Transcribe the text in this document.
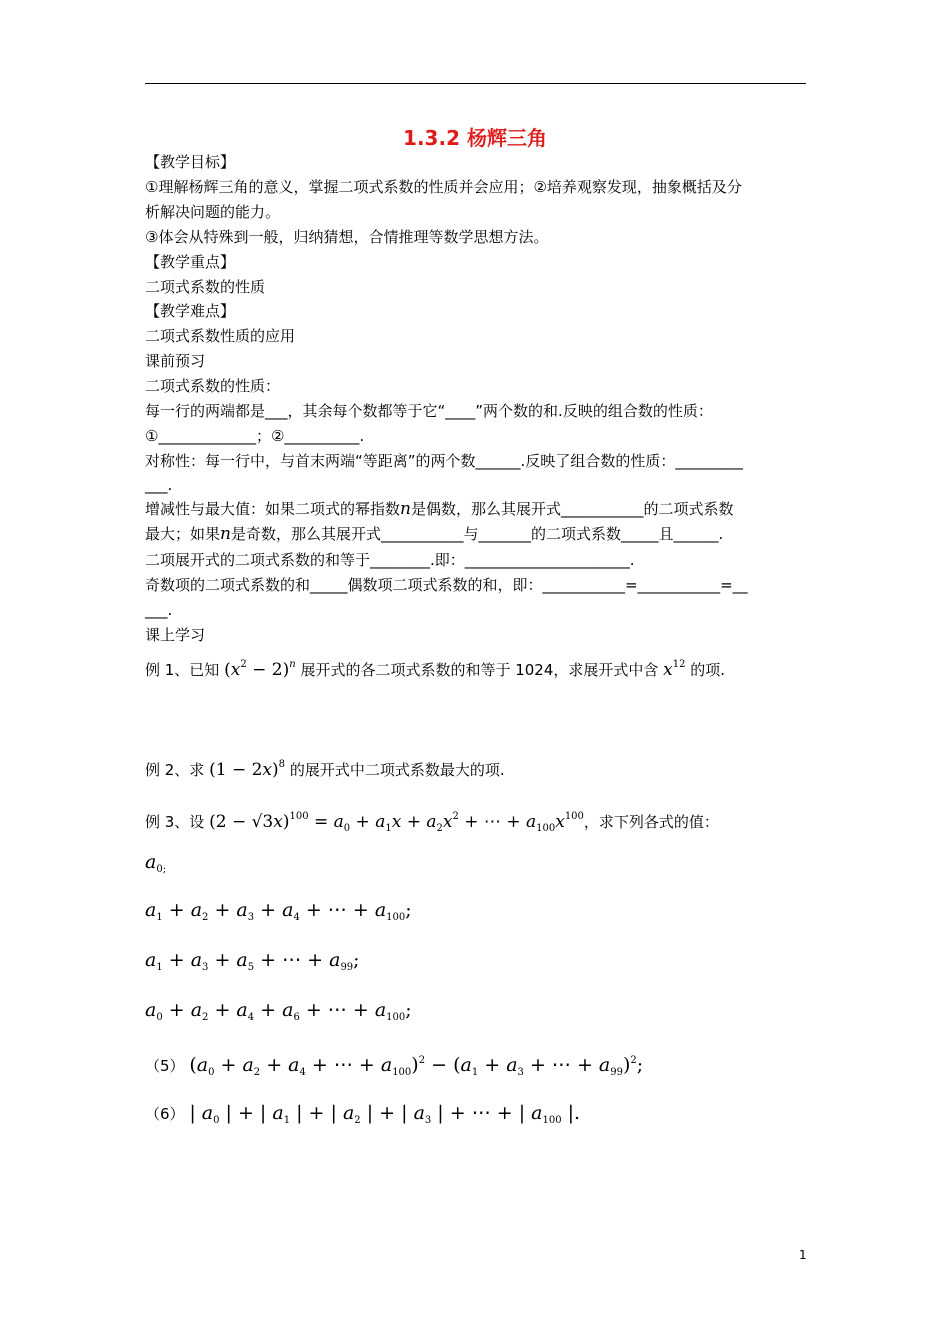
1.3.2 杨辉三角
【教学目标】
①理解杨辉三角的意义，掌握二项式系数的性质并会应用；②培养观察发现，抽象概括及分
析解决问题的能力。
③体会从特殊到一般，归纳猜想，合情推理等数学思想方法。
【教学重点】
二项式系数的性质
【教学难点】
二项式系数性质的应用
课前预习
二项式系数的性质：
每一行的两端都是___，其余每个数都等于它“____”两个数的和.反映的组合数的性质：
①_____________；②__________.
对称性：每一行中，与首末两端“等距离”的两个数______.反映了组合数的性质：_________
___.
增减性与最大值：如果二项式的幂指数n是偶数，那么其展开式___________的二项式系数
最大；如果n是奇数，那么其展开式___________与_______的二项式系数_____且______.
二项展开式的二项式系数的和等于________.即：______________________.
奇数项的二项式系数的和_____偶数项二项式系数的和，即：___________=___________=__
___.
课上学习
例 1、已知 $(x^2 - 2)^n$ 展开式的各二项式系数的和等于 1024，求展开式中含 $x^{12}$ 的项.
例 2、求 $(1 - 2x)^8$ 的展开式中二项式系数最大的项.
例 3、设 $(2 - √3x)^{100} = a_0 + a_1x + a_2x^2$ + ⋯ + $a_{100}x^{100}$，求下列各式的值：
$a_{0;}$
$a_1 + a_2 + a_3 + a_4$ + ⋯ + $a_{100}$;
$a_1 + a_3 + a_5$ + ⋯ + $a_{99}$;
$a_0 + a_2 + a_4 + a_6$ + ⋯ + $a_{100}$;
（5） ($a_0 + a_2 + a_4$ + ⋯ + $a_{100})^2 - (a_1 + a_3$ + ⋯ + $a_{99})^2$;
（6） | $a_0$ | + | $a_1$ | + | $a_2$ | + | $a_3$ | + ⋯ + | $a_{100}$ |.
1
